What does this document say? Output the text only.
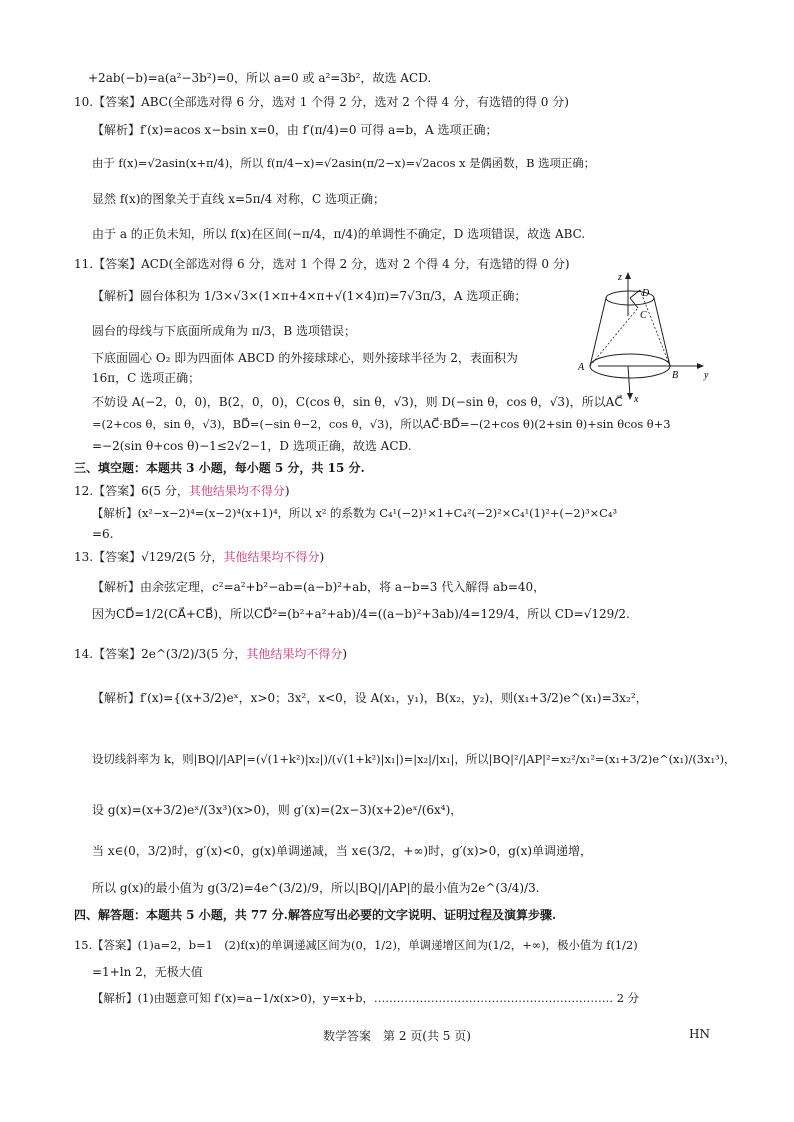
+2ab(−b)=a(a²−3b²)=0，所以 a=0 或 a²=3b²，故选 ACD.
10.【答案】ABC(全部选对得 6 分，选对 1 个得 2 分，选对 2 个得 4 分，有选错的得 0 分)
【解析】f′(x)=acos x−bsin x=0，由 f′(π/4)=0 可得 a=b，A 选项正确；
由于 f(x)=√2asin(x+π/4)，所以 f(π/4−x)=√2asin(π/2−x)=√2acos x 是偶函数，B 选项正确；
显然 f(x)的图象关于直线 x=5π/4 对称，C 选项正确；
由于 a 的正负未知，所以 f(x)在区间(−π/4，π/4)的单调性不确定，D 选项错误，故选 ABC.
11.【答案】ACD(全部选对得 6 分，选对 1 个得 2 分，选对 2 个得 4 分，有选错的得 0 分)
【解析】圆台体积为 1/3×√3×(1×π+4×π+√(1×4)π)=7√3π/3，A 选项正确；
圆台的母线与下底面所成角为 π/3，B 选项错误；
下底面圆心 O₂ 即为四面体 ABCD 的外接球球心，则外接球半径为 2，表面积为
16π，C 选项正确；
不妨设 A(−2，0，0)，B(2，0，0)，C(cos θ，sin θ，√3)，则 D(−sin θ，cos θ，√3)，所以AC⃗
=(2+cos θ，sin θ，√3)，BD⃗=(−sin θ−2，cos θ，√3)，所以AC⃗·BD⃗=−(2+cos θ)(2+sin θ)+sin θcos θ+3
=−2(sin θ+cos θ)−1≤2√2−1，D 选项正确，故选 ACD.
三、填空题：本题共 3 小题，每小题 5 分，共 15 分.
12.【答案】6(5 分，其他结果均不得分)
【解析】(x²−x−2)⁴=(x−2)⁴(x+1)⁴，所以 x² 的系数为 C₄¹(−2)¹×1+C₄²(−2)²×C₄¹(1)²+(−2)³×C₄³
=6.
13.【答案】√129/2(5 分，其他结果均不得分)
【解析】由余弦定理，c²=a²+b²−ab=(a−b)²+ab，将 a−b=3 代入解得 ab=40，
因为CD⃗=1/2(CA⃗+CB⃗)，所以CD⃗²=(b²+a²+ab)/4=((a−b)²+3ab)/4=129/4，所以 CD=√129/2.
14.【答案】2e^(3/2)/3(5 分，其他结果均不得分)
【解析】f′(x)={(x+3/2)eˣ，x>0；3x²，x<0，设 A(x₁，y₁)，B(x₂，y₂)，则(x₁+3/2)e^(x₁)=3x₂²，
设切线斜率为 k，则|BQ|/|AP|=(√(1+k²)|x₂|)/(√(1+k²)|x₁|)=|x₂|/|x₁|，所以|BQ|²/|AP|²=x₂²/x₁²=(x₁+3/2)e^(x₁)/(3x₁³)，
设 g(x)=(x+3/2)eˣ/(3x³)(x>0)，则 g′(x)=(2x−3)(x+2)eˣ/(6x⁴)，
当 x∈(0，3/2)时，g′(x)<0，g(x)单调递减，当 x∈(3/2，+∞)时，g′(x)>0，g(x)单调递增，
所以 g(x)的最小值为 g(3/2)=4e^(3/2)/9，所以|BQ|/|AP|的最小值为2e^(3/4)/3.
四、解答题：本题共 5 小题，共 77 分.解答应写出必要的文字说明、证明过程及演算步骤.
15.【答案】(1)a=2，b=1　(2)f(x)的单调递减区间为(0，1/2)，单调递增区间为(1/2，+∞)，极小值为 f(1/2)
=1+ln 2，无极大值
【解析】(1)由题意可知 f′(x)=a−1/x(x>0)，y=x+b，……………………………………………………… 2 分
z
D
C
A
B	y
x
数学答案　第 2 页(共 5 页)	HN
